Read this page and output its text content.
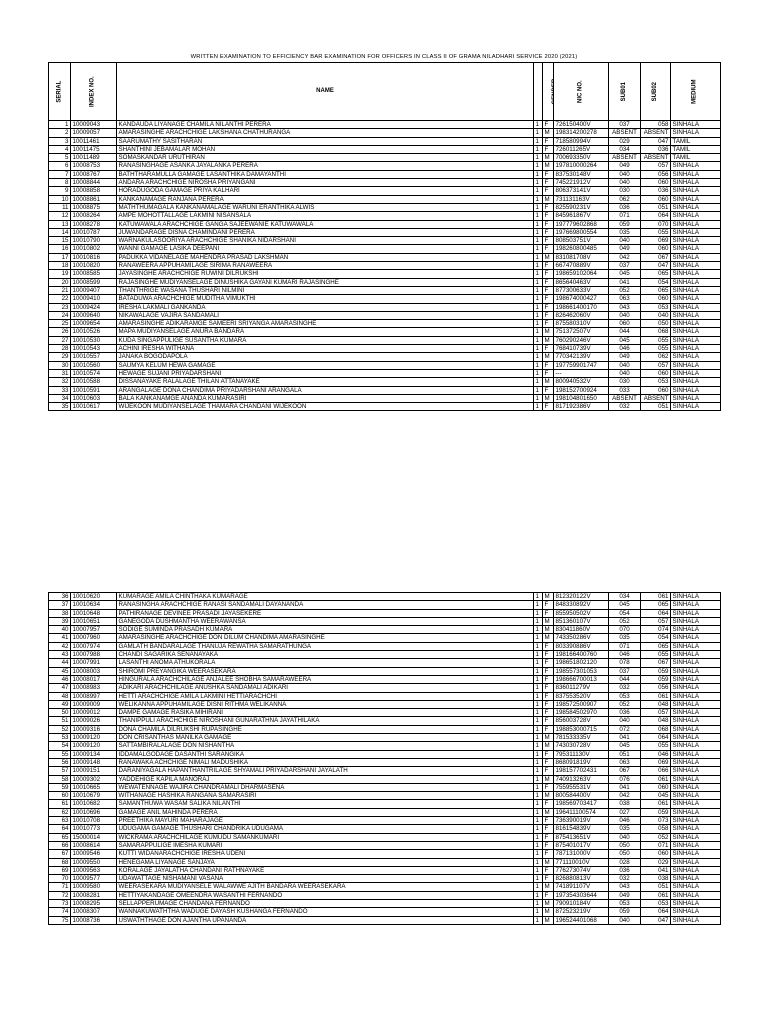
WRITTEN EXAMINATION TO EFFICIENCY BAR EXAMINATION FOR OFFICERS IN CLASS II OF GRAMA NILADHARI SERVICE 2020 (2021)
SERIAL	INDEX NO.	NAME			NIC NO.	SUB01	SUB02	MEDIUM
1	10009043	KANDAUDA LIYANAGE CHAMILA NILANTHI PERERA	1	F	726150400V	037	058	SINHALA
2	10009057	AMARASINGHE ARACHCHIGE LAKSHANA CHATHURANGA	1	M	198314200278	ABSENT	ABSENT	SINHALA
3	10011461	SAARUMATHY SASITHARAN	1	F	718580994V	029	047	TAMIL
4	10011475	SHANTHINI JEBAMALAR MOHAN	1	F	726011265V	034	036	TAMIL
5	10011489	SOMASKANDAR URUTHIRAN	1	M	700693350V	ABSENT	ABSENT	TAMIL
6	10008753	RANASINGHAGE ASANKA JAYALANKA PERERA	1	M	197810000264	049	057	SINHALA
7	10008767	BATHTHARAMULLA GAMAGE LASANTHIKA DAMAYANTHI	1	F	837530148V	040	056	SINHALA
8	10008844	ANDARA ARACHCHIGE NIROSHA PRIYANGANI	1	F	745221912V	040	060	SINHALA
9	10008858	HORADUGODA GAMAGE PRIYA KALHARI	1	F	806373141V	030	036	SINHALA
10	10008861	KANKANAMAGE RANJANA PERERA	1	M	731131163V	062	060	SINHALA
11	10008875	MATHTHUMAGALA KANKANAMALAGE WARUNI ERANTHIKA ALWIS	1	F	825590231V	036	051	SINHALA
12	10008264	AMPE MOHOTTALLAGE LAKMINI NISANSALA	1	F	845961867V	071	064	SINHALA
13	10008278	KATUWAWALA ARACHCHIGE GANGA SAJEEWANIE KATUWAWALA	1	F	197779602868	059	070	SINHALA
14	10010787	JUWANDARAGE DISNA CHAMINDANI PERERA	1	F	197669800554	035	055	SINHALA
15	10010790	WARNAKULASOORIYA ARACHCHIGE SHANIKA NIDARSHANI	1	F	808503751V	040	069	SINHALA
16	10010802	WANNI GAMAGE LASIKA DEEPANI	1	F	198260800485	049	060	SINHALA
17	10010816	PADUKKA VIDANELAGE MAHENDRA PRASAD LAKSHMAN	1	M	831081708V	042	067	SINHALA
18	10010820	RANAWEERA APPUHAMILAGE SIRIMA RANAWEERA	1	F	667470889V	037	047	SINHALA
19	10008585	JAYASINGHE ARACHCHIGE RUWINI DILRUKSHI	1	F	198659102064	045	065	SINHALA
20	10008599	RAJASINGHE MUDIYANSELAGE DINUSHIKA GAYANI KUMARI RAJASINGHE	1	F	865640463V	041	054	SINHALA
21	10009407	THANTHRIGE WASANA THUSHARI NILMINI	1	F	877300633V	052	065	SINHALA
22	10009410	BATADUWA ARACHCHIGE MUDITHA VIMUKTHI	1	F	198674000427	063	060	SINHALA
23	10009424	IRESHA LAKMALI GANKANDA	1	F	198661400170	043	053	SINHALA
24	10009640	NIKAWALAGE VAJIRA SANDAMALI	1	F	826462060V	040	040	SINHALA
25	10009654	AMARASINGHE ADIKARAMGE SAMEERI SRIYANGA AMARASINGHE	1	F	875580310V	060	050	SINHALA
26	10010526	MAPA MUDIYANSELAGE ANURA BANDARA	1	M	751372507V	044	068	SINHALA
27	10010530	KUDA SINGAPPULIGE SUSANTHA KUMARA	1	M	760290246V	045	055	SINHALA
28	10010543	ACHINI IRESHA WITHANA	1	F	768410739V	046	055	SINHALA
29	10010557	JANAKA BOGODAPOLA	1	M	770342139V	049	062	SINHALA
30	10010560	SAUMYA KELUM HEWA GAMAGE	1	F	197759901747	040	057	SINHALA
31	10010574	HEWAGE SUJANI PRIYADARSHANI	1	F	---	040	060	SINHALA
32	10010588	DISSANAYAKE RALALAGE THILAN ATTANAYAKE	1	M	800940532V	030	053	SINHALA
33	10010591	ARANGALAGE DONA CHANDIMA PRIYADARSHANI ARANGALA	1	F	198152700924	033	060	SINHALA
34	10010603	BALA KANKANAMGE ANANDA KUMARASIRI	1	M	198104801650	ABSENT	ABSENT	SINHALA
35	10010617	WIJEKOON MUDIYANSELAGE THAMARA CHANDANI WIJEKOON	1	F	817192386V	032	051	SINHALA
36	10010620	KUMARAGE AMILA CHINTHAKA KUMARAGE	1	M	812320122V	034	061	SINHALA
37	10010634	RANASINGHA ARACHCHIGE RANASI SANDAMALI DAYANANDA	1	F	848330892V	045	065	SINHALA
38	10010648	PATHIRANAGE DEVINEE PRASADI JAYASEKERE	1	F	855950502V	054	064	SINHALA
39	10010651	GANEGODA DUSHMANTHA WEERAWANSA	1	M	851360107V	052	057	SINHALA
40	10007957	SODIGE SUMINDA PRASADH KUMARA	1	M	830411860V	070	074	SINHALA
41	10007960	AMARASINGHE ARACHCHIGE DON DILUM CHANDIMA AMARASINGHE	1	M	743350286V	035	054	SINHALA
42	10007974	GAMLATH BANDARALAGE THANUJA REWATHA SAMARATHUNGA	1	F	803390886V	071	065	SINHALA
43	10007988	CHANDI SAGARIKA SENANAYAKA	1	F	198166400760	046	055	SINHALA
44	10007991	LASANTHI ANOMA ATHUKORALA	1	F	198651802120	078	067	SINHALA
45	10008003	SHIROMI PREYANGIKA WEERASEKARA	1	F	198557301053	037	059	SINHALA
46	10008017	HINGURALA ARACHCHILAGE ANJALEE SHOBHA SAMARAWEERA	1	F	198666700013	044	059	SINHALA
47	10008983	ADIKARI ARACHCHILAGE ANUSHKA SANDAMALI ADIKARI	1	F	836011279V	032	056	SINHALA
48	10008997	HETTI ARACHCHIGE AMILA LAKMINI HETTIARACHCHI	1	F	837553520V	053	061	SINHALA
49	10009009	WELIKANNA APPUHAMILAGE DISNI RITHMA WELIKANNA	1	F	198572500907	052	048	SINHALA
50	10009012	DAMPE GAMAGE RASIKA MIHIRANI	1	F	198584502970	036	057	SINHALA
51	10009026	THANIPPULI ARACHCHIGE NIROSHANI GUNARATHNA JAYATHILAKA	1	F	856003728V	040	048	SINHALA
52	10009316	DONA CHAMILA DILRUKSHI RUPASINGHE	1	F	198853000715	072	068	SINHALA
53	10009120	DON CRISANTHAS MANILKA GAMAGE	1	M	781533335V	041	064	SINHALA
54	10009120	SATTAMBIRALALAGE DON NISHANTHA	1	M	743030728V	045	055	SINHALA
55	10009134	IDDAMALGODAGE DASANTHI SARANGIKA	1	F	795311130V	051	046	SINHALA
56	10009148	RANAWAKA ACHCHIGE NIMALI MADUSHIKA	1	F	868091819V	063	069	SINHALA
57	10009151	DARANIYAGALA HAPANTHANTRILAGE SHYAMALI PRIYADARSHANI JAYALATH	1	F	198157702431	067	066	SINHALA
58	10009302	YADDEHIGE KAPILA MANORAJ	1	M	740913263V	076	061	SINHALA
59	10010665	WEWATENNAGE WAJIRA CHANDRAMALI DHARMASENA	1	F	755955531V	041	060	SINHALA
60	10010679	WITHANAGE HASHIKA RANGANA SAMARASIRI	1	M	800584400V	042	045	SINHALA
61	10010682	SAMANTHUWA WASAM SALIKA NILANTHI	1	F	198569703417	038	061	SINHALA
62	10010696	GAMAGE ANIL MAHINDA PERERA	1	M	196411100574	027	059	SINHALA
63	10010708	PREETHIKA MAYURI MAHARAJAGE	1	F	736390019V	046	073	SINHALA
64	10010773	UDUGAMA GAMAGE THUSHARI CHANDRIKA UDUGAMA	1	F	816154839V	035	058	SINHALA
65	15000014	WICKRAMA ARACHCHILAGE KUMUDU SAMANKUMARI	1	F	875413651V	040	052	SINHALA
66	10008614	SAMARAPPULIGE IMESHA KUMARI	1	F	875401017V	050	071	SINHALA
67	10009546	KUTTI WIDANARACHCHIGE IRESHA UDENI	1	F	787131000V	050	060	SINHALA
68	10009550	HENEGAMA LIYANAGE SANJAYA	1	M	771110010V	028	029	SINHALA
69	10009563	KORALAGE JAYALATHA CHANDANI RATHNAYAKE	1	F	776273074V	036	041	SINHALA
70	10009577	UDAWATTAGE NISHAMANI VASANA	1	F	826880813V	032	038	SINHALA
71	10009580	WEERASEKARA MUDIYANSELE WALAWWE AJITH BANDARA WEERASEKARA	1	M	741891107V	043	051	SINHALA
72	10008281	HETTIYAKANDAGE OMEENDRA WASANTHI FERNANDO	1	F	197354303644	049	061	SINHALA
73	10008295	SELLAPPERUMAGE CHANDANA FERNANDO	1	M	790910184V	053	053	SINHALA
74	10008307	WANNAKUWATHTHA WADUGE DAYASH KUSHANGA FERNANDO	1	M	872523219V	059	064	SINHALA
75	10008736	USWATHTHAGE DON AJANTHA UPANANDA	1	M	196524401068	040	047	SINHALA
